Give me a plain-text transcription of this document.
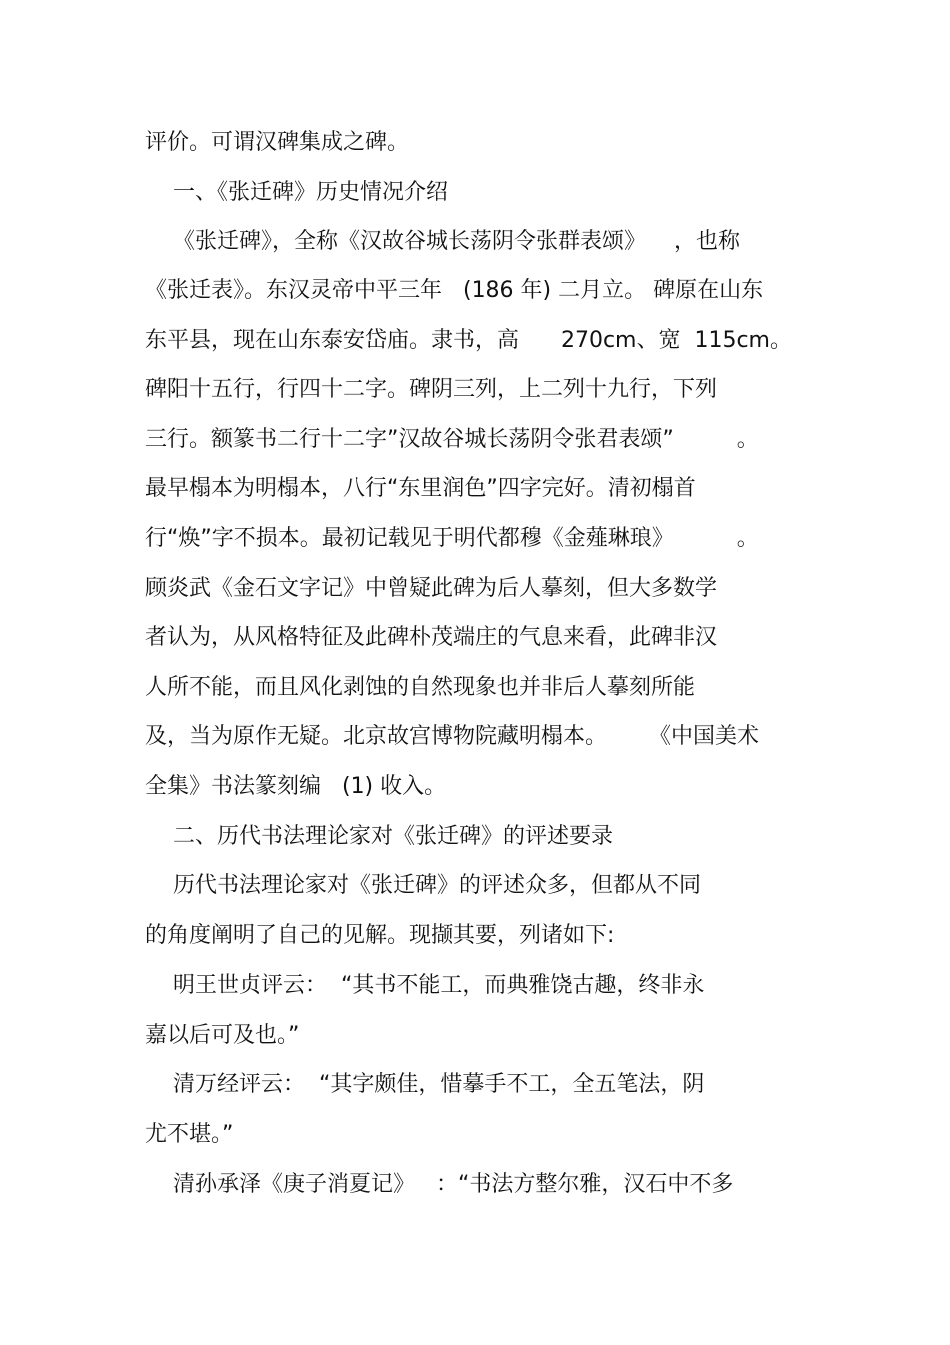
评价。可谓汉碑集成之碑。
一、《张迁碑》历史情况介绍
《张迁碑》，全称《汉故谷城长荡阴令张群表颂》    ，也称
《张迁表》。东汉灵帝中平三年   (186 年) 二月立。 碑原在山东
东平县，现在山东泰安岱庙。隶书，高      270cm、宽  115cm。
碑阳十五行，行四十二字。碑阴三列，上二列十九行，下列
三行。额篆书二行十二字”汉故谷城长荡阴令张君表颂”         。
最早榻本为明榻本，八行“东里润色”四字完好。清初榻首
行“焕”字不损本。最初记载见于明代都穆《金薤琳琅》         。
顾炎武《金石文字记》中曾疑此碑为后人摹刻，但大多数学
者认为，从风格特征及此碑朴茂端庄的气息来看，此碑非汉
人所不能，而且风化剥蚀的自然现象也并非后人摹刻所能
及，当为原作无疑。北京故宫博物院藏明榻本。      《中国美术
全集》书法篆刻编   (1) 收入。
二、历代书法理论家对《张迁碑》的评述要录
历代书法理论家对《张迁碑》的评述众多，但都从不同
的角度阐明了自己的见解。现撷其要，列诸如下:
明王世贞评云：  “其书不能工，而典雅饶古趣，终非永
嘉以后可及也。”
清万经评云：  “其字颇佳，惜摹手不工，全五笔法，阴
尤不堪。”
清孙承泽《庚子消夏记》   ：“书法方整尔雅，汉石中不多
